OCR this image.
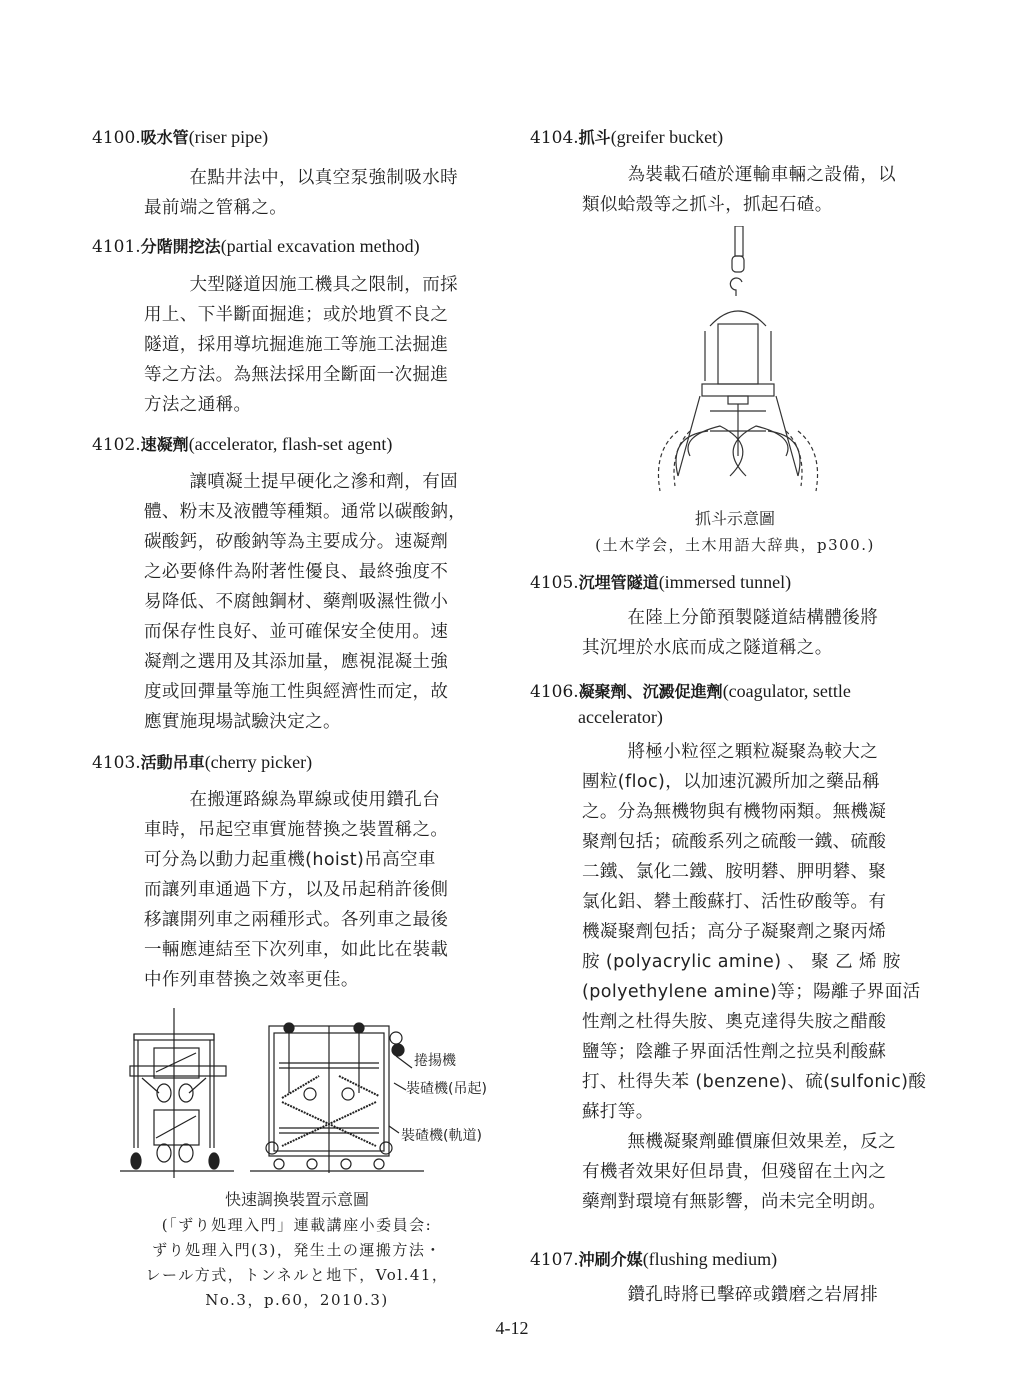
4100.吸水管(riser pipe)
在點井法中，以真空泵強制吸水時
最前端之管稱之。
4101.分階開挖法(partial excavation method)
大型隧道因施工機具之限制，而採
用上、下半斷面掘進；或於地質不良之
隧道，採用導坑掘進施工等施工法掘進
等之方法。為無法採用全斷面一次掘進
方法之通稱。
4102.速凝劑(accelerator, flash-set agent)
讓噴凝土提早硬化之滲和劑，有固
體、粉末及液體等種類。通常以碳酸鈉，
碳酸鈣，矽酸鈉等為主要成分。速凝劑
之必要條件為附著性優良、最終強度不
易降低、不腐蝕鋼材、藥劑吸濕性微小
而保存性良好、並可確保安全使用。速
凝劑之選用及其添加量，應視混凝土強
度或回彈量等施工性與經濟性而定，故
應實施現場試驗決定之。
4103.活動吊車(cherry picker)
在搬運路線為單線或使用鑽孔台
車時，吊起空車實施替換之裝置稱之。
可分為以動力起重機(hoist)吊高空車
而讓列車通過下方，以及吊起稍許後側
移讓開列車之兩種形式。各列車之最後
一輛應連結至下次列車，如此比在裝載
中作列車替換之效率更佳。
捲揚機
裝碴機(吊起)
裝碴機(軌道)
快速調換裝置示意圖
(「ずり処理入門」連載講座小委員会:
ずり処理入門(3)，発生土の運搬方法・
レール方式，トンネルと地下，Vol.41，
No.3，p.60，2010.3)
4104.抓斗(greifer bucket)
為裝載石碴於運輸車輛之設備，以
類似蛤殼等之抓斗，抓起石碴。
抓斗示意圖
(土木学会，土木用語大辞典，p300.)
4105.沉埋管隧道(immersed tunnel)
在陸上分節預製隧道結構體後將
其沉埋於水底而成之隧道稱之。
4106.凝聚劑、沉澱促進劑(coagulator, settle
accelerator)
將極小粒徑之顆粒凝聚為較大之
團粒(floc)，以加速沉澱所加之藥品稱
之。分為無機物與有機物兩類。無機凝
聚劑包括；硫酸系列之硫酸一鐵、硫酸
二鐵、氯化二鐵、胺明礬、胛明礬、聚
氯化鋁、礬土酸蘇打、活性矽酸等。有
機凝聚劑包括；高分子凝聚劑之聚丙烯
胺 (polyacrylic amine) 、 聚 乙 烯 胺
(polyethylene amine)等；陽離子界面活
性劑之杜得失胺、奧克達得失胺之醋酸
鹽等；陰離子界面活性劑之拉吳利酸蘇
打、杜得失苯 (benzene)、硫(sulfonic)酸
蘇打等。
無機凝聚劑雖價廉但效果差，反之
有機者效果好但昂貴，但殘留在土內之
藥劑對環境有無影響，尚未完全明朗。
4107.沖刷介媒(flushing medium)
鑽孔時將已擊碎或鑽磨之岩屑排
4-12
